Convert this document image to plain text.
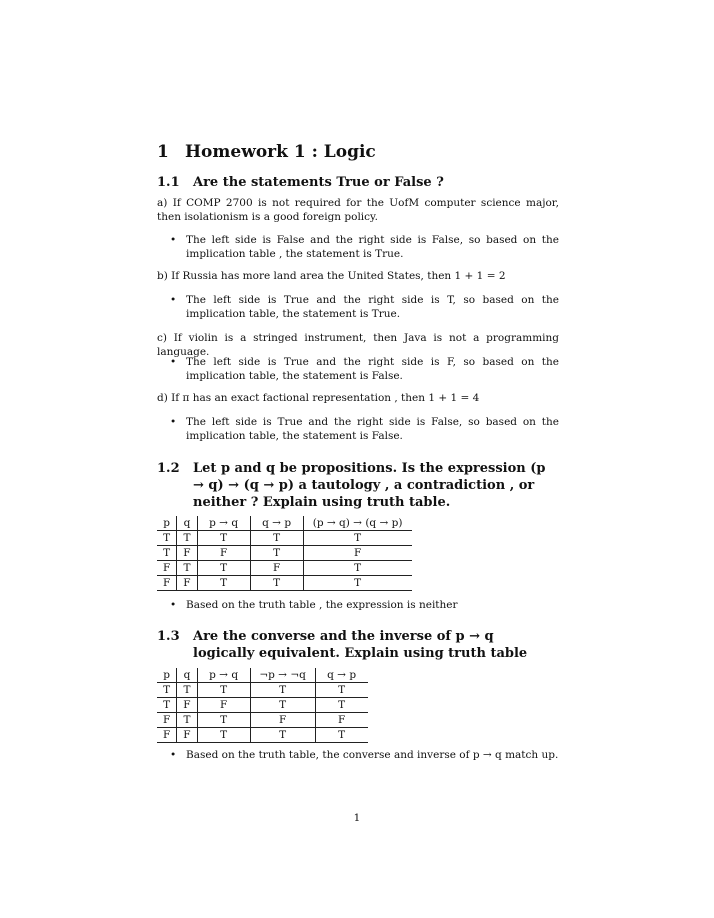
1 Homework 1 : Logic
1.1 Are the statements True or False ?
a) If COMP 2700 is not required for the UofM computer science major, then isolationism is a good foreign policy.
• The left side is False and the right side is False, so based on the implication table , the statement is True.
b) If Russia has more land area the United States, then 1 + 1 = 2
• The left side is True and the right side is T, so based on the implication table, the statement is True.
c) If violin is a stringed instrument, then Java is not a programming language.
• The left side is True and the right side is F, so based on the implication table, the statement is False.
d) If π has an exact factional representation , then 1 + 1 = 4
• The left side is True and the right side is False, so based on the implication table, the statement is False.
1.2 Let p and q be propositions. Is the expression (p → q) → (q → p) a tautology , a contradiction , or neither ? Explain using truth table.
p	q	p → q	q → p	(p → q) → (q → p)
T	T	T	T	T
T	F	F	T	F
F	T	T	F	T
F	F	T	T	T
• Based on the truth table , the expression is neither
1.3 Are the converse and the inverse of p → q logically equivalent. Explain using truth table
p	q	p → q	¬p → ¬q	q → p
T	T	T	T	T
T	F	F	T	T
F	T	T	F	F
F	F	T	T	T
• Based on the truth table, the converse and inverse of p → q match up.
1
